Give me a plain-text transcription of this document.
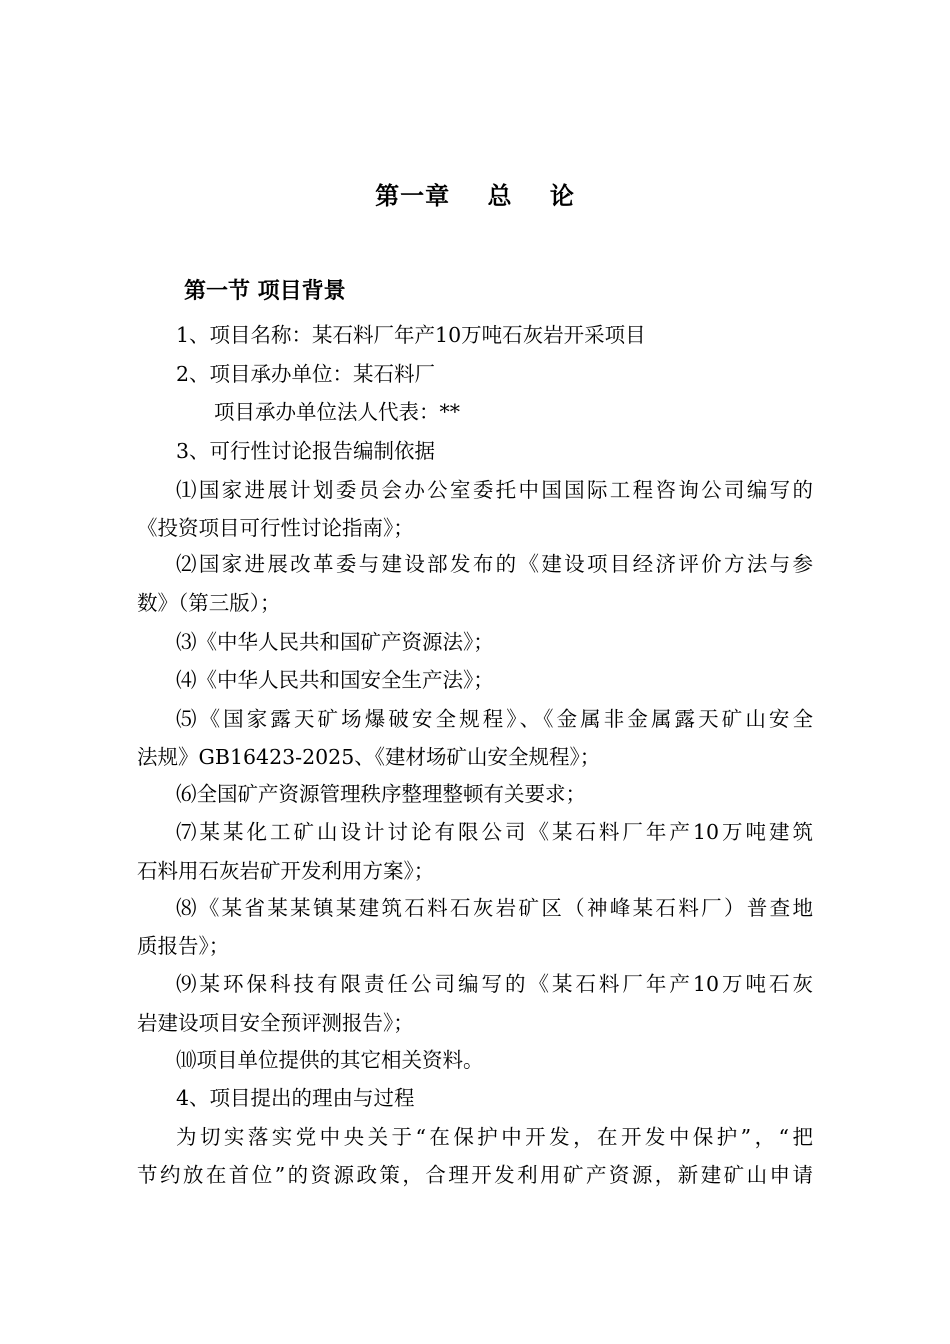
第一章    总    论
第一节 项目背景
1、项目名称：某石料厂年产10万吨石灰岩开采项目
2、项目承办单位：某石料厂
项目承办单位法人代表：**
3、可行性讨论报告编制依据
⑴国家进展计划委员会办公室委托中国国际工程咨询公司编写的
《投资项目可行性讨论指南》；
⑵国家进展改革委与建设部发布的《建设项目经济评价方法与参
数》（第三版）；
⑶《中华人民共和国矿产资源法》；
⑷《中华人民共和国安全生产法》；
⑸《国家露天矿场爆破安全规程》、《金属非金属露天矿山安全
法规》GB16423-2025、《建材场矿山安全规程》；
⑹全国矿产资源管理秩序整理整顿有关要求；
⑺某某化工矿山设计讨论有限公司《某石料厂年产10万吨建筑
石料用石灰岩矿开发利用方案》；
⑻《某省某某镇某建筑石料石灰岩矿区（神峰某石料厂）普查地
质报告》；
⑼某环保科技有限责任公司编写的《某石料厂年产10万吨石灰
岩建设项目安全预评测报告》；
⑽项目单位提供的其它相关资料。
4、项目提出的理由与过程
为切实落实党中央关于“在保护中开发，在开发中保护”，“把
节约放在首位”的资源政策，合理开发利用矿产资源，新建矿山申请
